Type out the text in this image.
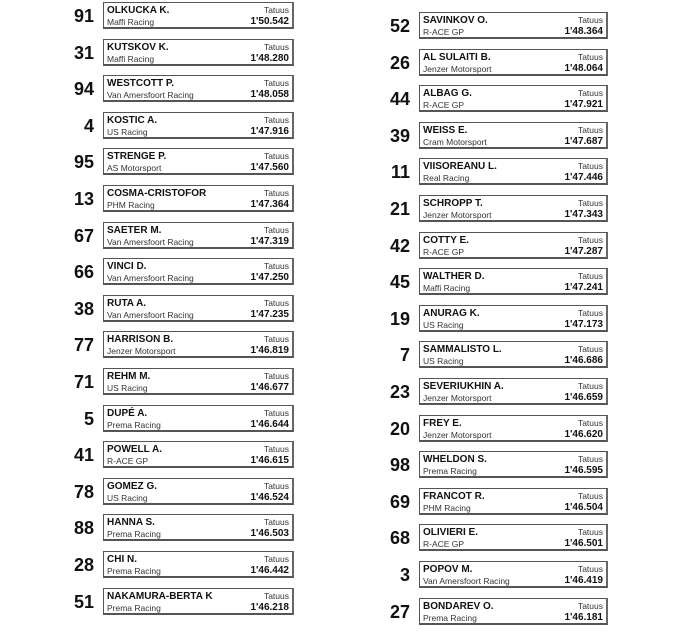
91 OLKUCKA K.
Maffi Racing
Tatuus
1'50.542
31 KUTSKOV K.
Maffi Racing
Tatuus
1'48.280
94 WESTCOTT P.
Van Amersfoort Racing
Tatuus
1'48.058
4 KOSTIC A.
US Racing
Tatuus
1'47.916
95 STRENGE P.
AS Motorsport
Tatuus
1'47.560
13 COSMA-CRISTOFOR
PHM Racing
Tatuus
1'47.364
67 SAETER M.
Van Amersfoort Racing
Tatuus
1'47.319
66 VINCI D.
Van Amersfoort Racing
Tatuus
1'47.250
38 RUTA A.
Van Amersfoort Racing
Tatuus
1'47.235
77 HARRISON B.
Jenzer Motorsport
Tatuus
1'46.819
71 REHM M.
US Racing
Tatuus
1'46.677
5 DUPÉ A.
Prema Racing
Tatuus
1'46.644
41 POWELL A.
R-ACE GP
Tatuus
1'46.615
78 GOMEZ G.
US Racing
Tatuus
1'46.524
88 HANNA S.
Prema Racing
Tatuus
1'46.503
28 CHI N.
Prema Racing
Tatuus
1'46.442
51 NAKAMURA-BERTA K
Prema Racing
Tatuus
1'46.218
52 SAVINKOV O.
R-ACE GP
Tatuus
1'48.364
26 AL SULAITI B.
Jenzer Motorsport
Tatuus
1'48.064
44 ALBAG G.
R-ACE GP
Tatuus
1'47.921
39 WEISS E.
Cram Motorsport
Tatuus
1'47.687
11 VIISOREANU L.
Real Racing
Tatuus
1'47.446
21 SCHROPP T.
Jenzer Motorsport
Tatuus
1'47.343
42 COTTY E.
R-ACE GP
Tatuus
1'47.287
45 WALTHER D.
Maffi Racing
Tatuus
1'47.241
19 ANURAG K.
US Racing
Tatuus
1'47.173
7 SAMMALISTO L.
US Racing
Tatuus
1'46.686
23 SEVERIUKHIN A.
Jenzer Motorsport
Tatuus
1'46.659
20 FREY E.
Jenzer Motorsport
Tatuus
1'46.620
98 WHELDON S.
Prema Racing
Tatuus
1'46.595
69 FRANCOT R.
PHM Racing
Tatuus
1'46.504
68 OLIVIERI E.
R-ACE GP
Tatuus
1'46.501
3 POPOV M.
Van Amersfoort Racing
Tatuus
1'46.419
27 BONDAREV O.
Prema Racing
Tatuus
1'46.181
